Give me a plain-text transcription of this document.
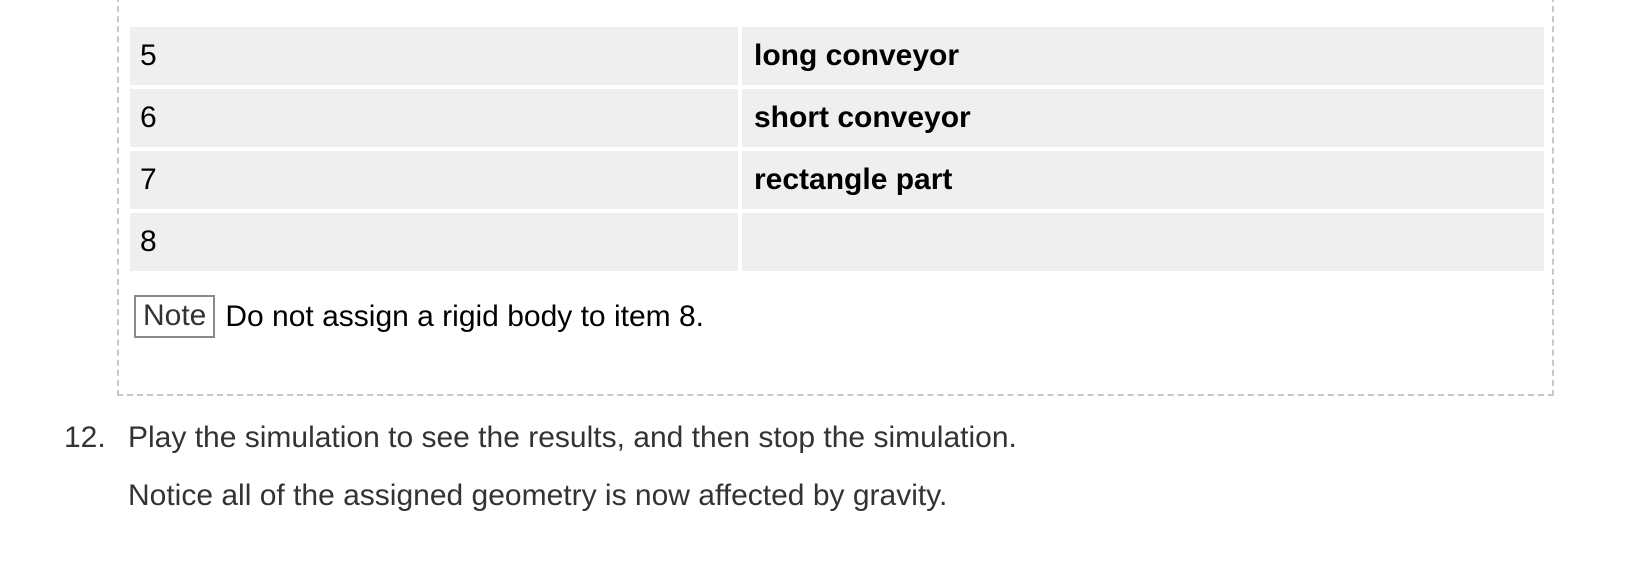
5	long conveyor
6	short conveyor
7	rectangle part
8	
Note Do not assign a rigid body to item 8.
12. Play the simulation to see the results, and then stop the simulation.

Notice all of the assigned geometry is now affected by gravity.
